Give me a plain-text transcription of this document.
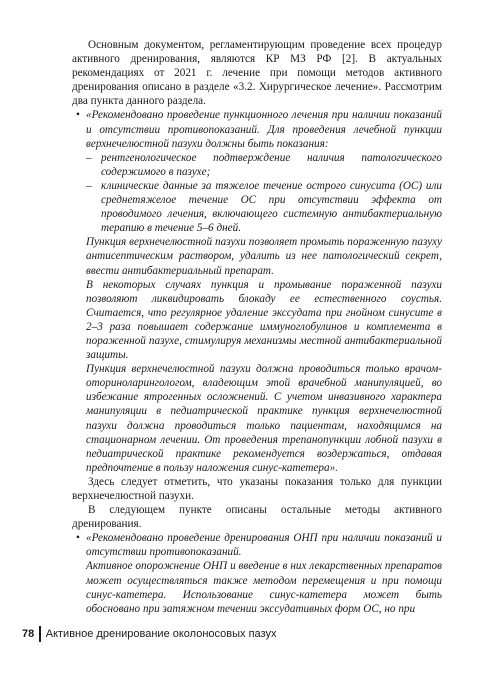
Основным документом, регламентирующим проведение всех процедур активного дренирования, являются КР МЗ РФ [2]. В актуальных рекомендациях от 2021 г. лечение при помощи методов активного дренирования описано в разделе «3.2. Хирургическое лечение». Рассмотрим два пункта данного раздела.

• «Рекомендовано проведение пункционного лечения при наличии показаний и отсутствии противопоказаний. Для проведения лечебной пункции верхнечелюстной пазухи должны быть показания:

– рентгенологическое подтверждение наличия патологического содержимого в пазухе;

– клинические данные за тяжелое течение острого синусита (ОС) или среднетяжелое течение ОС при отсутствии эффекта от проводимого лечения, включающего системную антибактериальную терапию в течение 5–6 дней.

Пункция верхнечелюстной пазухи позволяет промыть пораженную пазуху антисептическим раствором, удалить из нее патологический секрет, ввести антибактериальный препарат.

В некоторых случаях пункция и промывание пораженной пазухи позволяют ликвидировать блокаду ее естественного соустья. Считается, что регулярное удаление экссудата при гнойном синусите в 2–3 раза повышает содержание иммуноглобулинов и комплемента в пораженной пазухе, стимулируя механизмы местной антибактериальной защиты.

Пункция верхнечелюстной пазухи должна проводиться только врачом-оториноларингологом, владеющим этой врачебной манипуляцией, во избежание ятрогенных осложнений. С учетом инвазивного характера манипуляции в педиатрической практике пункция верхнечелюстной пазухи должна проводиться только пациентам, находящимся на стационарном лечении. От проведения трепанопункции лобной пазухи в педиатрической практике рекомендуется воздержаться, отдавая предпочтение в пользу наложения синус-катетера».

Здесь следует отметить, что указаны показания только для пункции верхнечелюстной пазухи.

В следующем пункте описаны остальные методы активного дренирования.

• «Рекомендовано проведение дренирования ОНП при наличии показаний и отсутствии противопоказаний.

Активное опорожнение ОНП и введение в них лекарственных препаратов может осуществляться также методом перемещения и при помощи синус-катетера. Использование синус-катетера может быть обосновано при затяжном течении экссудативных форм ОС, но при

78 Активное дренирование околоносовых пазух
